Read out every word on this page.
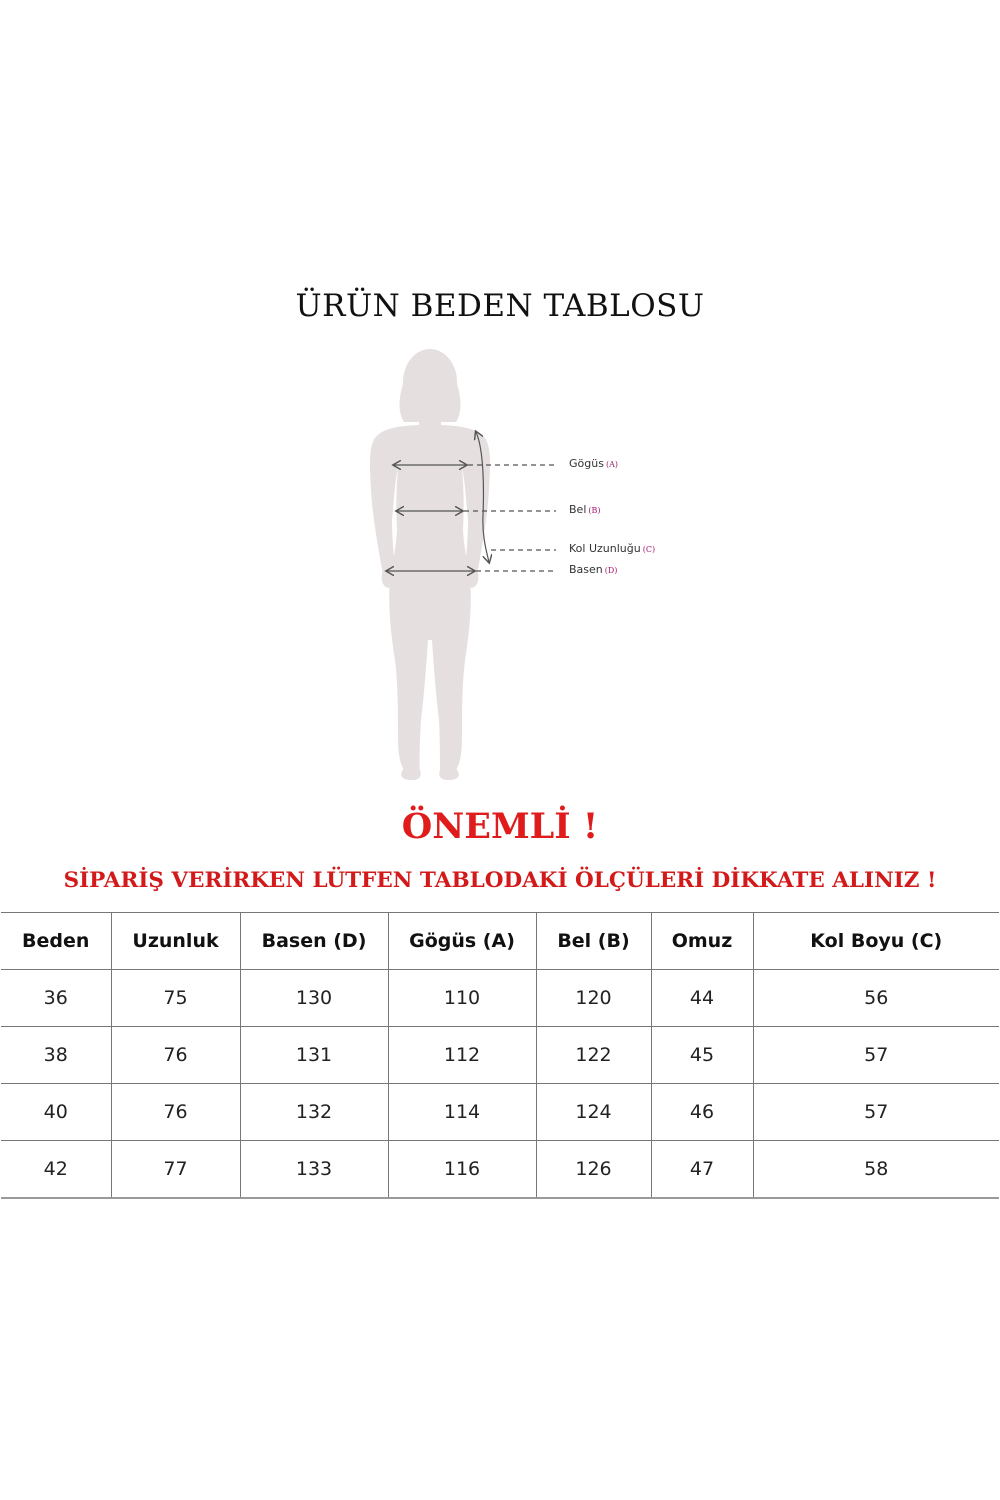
ÜRÜN BEDEN TABLOSU
Gögüs (A)
Bel (B)
Kol Uzunluğu (C)
Basen (D)
ÖNEMLİ !
SİPARİŞ VERİRKEN LÜTFEN TABLODAKİ ÖLÇÜLERİ DİKKATE ALINIZ !
Beden	Uzunluk	Basen (D)	Gögüs (A)	Bel (B)	Omuz	Kol Boyu (C)
36	75	130	110	120	44	56
38	76	131	112	122	45	57
40	76	132	114	124	46	57
42	77	133	116	126	47	58
